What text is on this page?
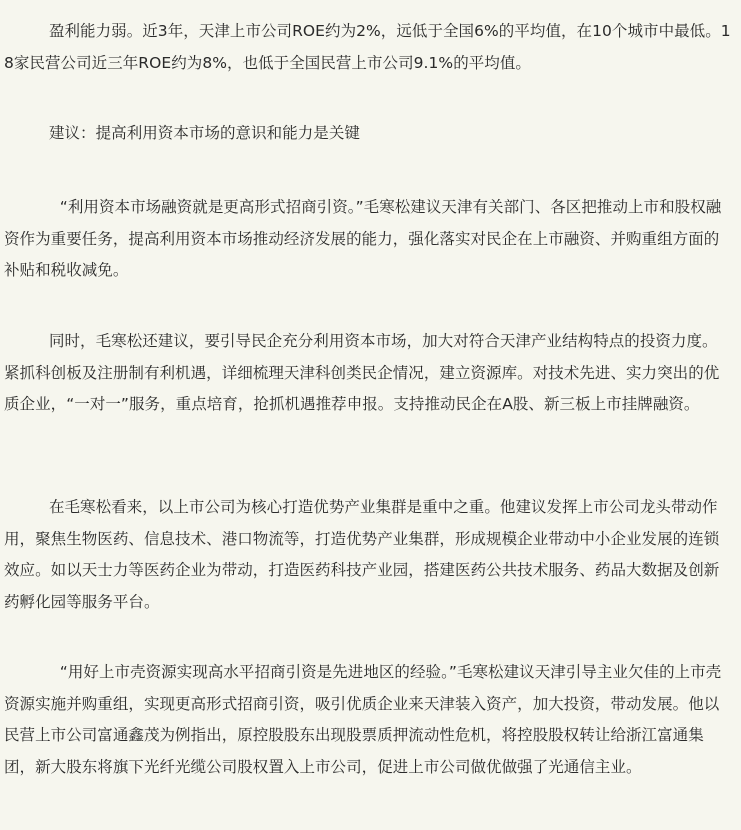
盈利能力弱。近3年，天津上市公司ROE约为2%，远低于全国6%的平均值，在10个城市中最低。18家民营公司近三年ROE约为8%，也低于全国民营上市公司9.1%的平均值。

建议：提高利用资本市场的意识和能力是关键

“利用资本市场融资就是更高形式招商引资。”毛寒松建议天津有关部门、各区把推动上市和股权融资作为重要任务，提高利用资本市场推动经济发展的能力，强化落实对民企在上市融资、并购重组方面的补贴和税收减免。

同时，毛寒松还建议，要引导民企充分利用资本市场，加大对符合天津产业结构特点的投资力度。紧抓科创板及注册制有利机遇，详细梳理天津科创类民企情况，建立资源库。对技术先进、实力突出的优质企业，“一对一”服务，重点培育，抢抓机遇推荐申报。支持推动民企在A股、新三板上市挂牌融资。

在毛寒松看来，以上市公司为核心打造优势产业集群是重中之重。他建议发挥上市公司龙头带动作用，聚焦生物医药、信息技术、港口物流等，打造优势产业集群，形成规模企业带动中小企业发展的连锁效应。如以天士力等医药企业为带动，打造医药科技产业园，搭建医药公共技术服务、药品大数据及创新药孵化园等服务平台。

“用好上市壳资源实现高水平招商引资是先进地区的经验。”毛寒松建议天津引导主业欠佳的上市壳资源实施并购重组，实现更高形式招商引资，吸引优质企业来天津装入资产，加大投资，带动发展。他以民营上市公司富通鑫茂为例指出，原控股股东出现股票质押流动性危机，将控股股权转让给浙江富通集团，新大股东将旗下光纤光缆公司股权置入上市公司，促进上市公司做优做强了光通信主业。
